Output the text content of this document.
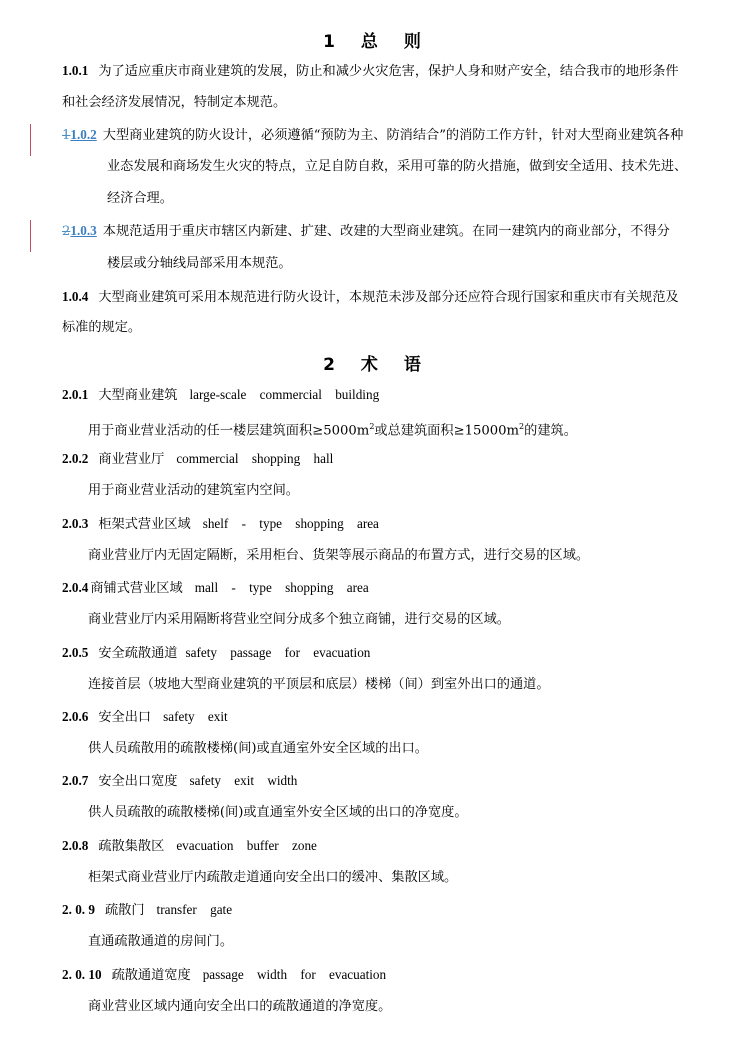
1 总 则
1.0.1 为了适应重庆市商业建筑的发展，防止和减少火灾危害，保护人身和财产安全，结合我市的地形条件
和社会经济发展情况，特制定本规范。
11.0.2 大型商业建筑的防火设计，必须遵循“预防为主、防消结合”的消防工作方针，针对大型商业建筑各种
业态发展和商场发生火灾的特点，立足自防自救，采用可靠的防火措施，做到安全适用、技术先进、
经济合理。
21.0.3 本规范适用于重庆市辖区内新建、扩建、改建的大型商业建筑。在同一建筑内的商业部分，不得分
楼层或分轴线局部采用本规范。
1.0.4 大型商业建筑可采用本规范进行防火设计，本规范未涉及部分还应符合现行国家和重庆市有关规范及
标准的规定。
2 术 语
2.0.1 大型商业建筑 large-scale commercial building
用于商业营业活动的任一楼层建筑面积$\ge 5000m^2$或总建筑面积$\ge 15000m^2$的建筑。
2.0.2 商业营业厅 commercial shopping hall
用于商业营业活动的建筑室内空间。
2.0.3 柜架式营业区域 shelf - type shopping area
商业营业厅内无固定隔断，采用柜台、货架等展示商品的布置方式，进行交易的区域。
2.0.4 商铺式营业区域 mall - type shopping area
商业营业厅内采用隔断将营业空间分成多个独立商铺，进行交易的区域。
2.0.5 安全疏散通道 safety passage for evacuation
连接首层（坡地大型商业建筑的平顶层和底层）楼梯（间）到室外出口的通道。
2.0.6 安全出口 safety exit
供人员疏散用的疏散楼梯(间)或直通室外安全区域的出口。
2.0.7 安全出口宽度 safety exit width
供人员疏散的疏散楼梯(间)或直通室外安全区域的出口的净宽度。
2.0.8 疏散集散区 evacuation buffer zone
柜架式商业营业厅内疏散走道通向安全出口的缓冲、集散区域。
2. 0. 9 疏散门 transfer gate
直通疏散通道的房间门。
2. 0. 10 疏散通道宽度 passage width for evacuation
商业营业区域内通向安全出口的疏散通道的净宽度。
